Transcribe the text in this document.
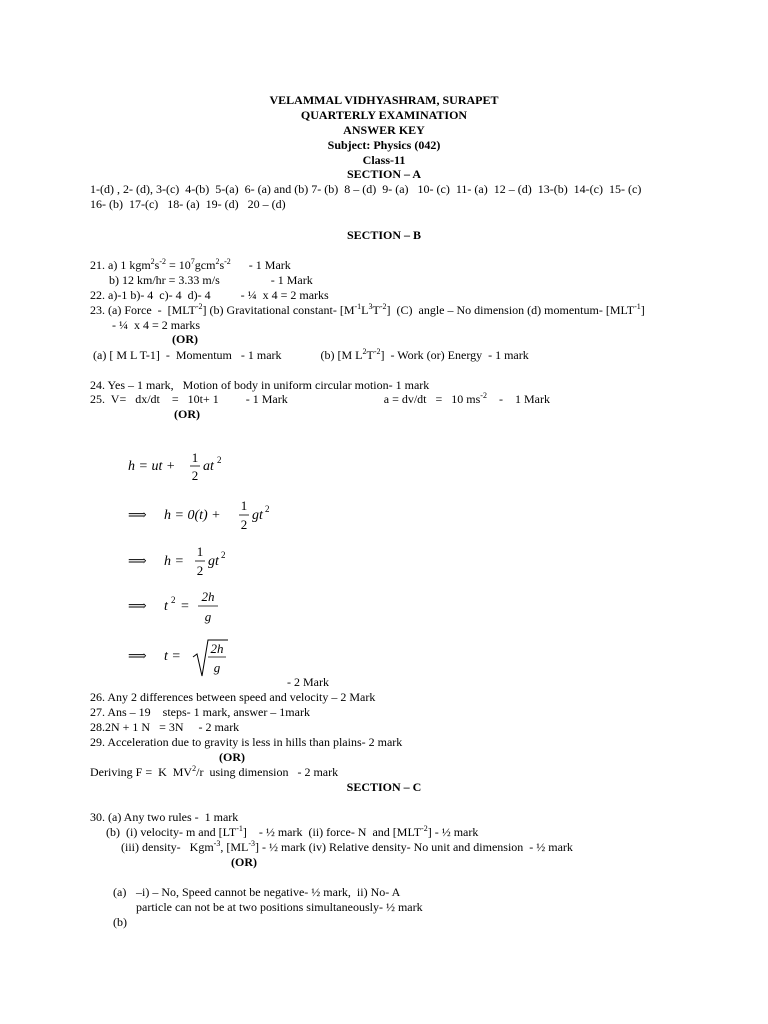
VELAMMAL VIDHYASHRAM, SURAPET
QUARTERLY EXAMINATION
ANSWER KEY
Subject: Physics (042)
Class-11
SECTION – A
1-(d) , 2- (d), 3-(c)  4-(b)  5-(a)  6- (a) and (b) 7- (b)  8 – (d)  9- (a)   10- (c)  11- (a)  12 – (d)  13-(b)  14-(c)  15- (c)
16- (b)  17-(c)   18- (a)  19- (d)   20 – (d)
SECTION – B
21. a) 1 $kgm^2s^{-2} = 10^7gcm^2s^{-2}$      - 1 Mark
b) 12 km/hr = 3.33 m/s                 - 1 Mark
22. a)-1 b)- 4  c)- 4  d)- 4          - ¼  x 4 = 2 marks
23. (a) Force  -  $[MLT^{-2}]$ (b) Gravitational constant- $[M^{-1}L^3T^{-2}]$  (C)  angle – No dimension (d) momentum- $[MLT^{-1}]$
- ¼  x 4 = 2 marks
(OR)
(a) [ M L T-1]  -  Momentum   - 1 mark             (b) [M $L^2T^{-2}$]  - Work (or) Energy  - 1 mark
24. Yes – 1 mark,   Motion of body in uniform circular motion- 1 mark
25.  V=   dx/dt    =   10t+ 1         - 1 Mark                                a = dv/dt   =   10 $ms^{-2}$    -    1 Mark
(OR)
h = ut +
1
2
at 2
⟹ h = 0(t) +
1
2
gt 2
⟹ h =
1
2
gt 2
⟹ t 2 =
2h
g
⟹ t =
2h
g
- 2 Mark
26. Any 2 differences between speed and velocity – 2 Mark
27. Ans – 19    steps- 1 mark, answer – 1mark
28.2N + 1 N   = 3N     - 2 mark
29. Acceleration due to gravity is less in hills than plains- 2 mark
(OR)
Deriving F =  K  $MV^2/r$  using dimension   - 2 mark
SECTION – C
30. (a) Any two rules -  1 mark
(b)  (i) velocity- m and $[LT^{-1}]$    - ½ mark  (ii) force- N  and $[MLT^{-2}]$ - ½ mark
(iii) density-   Kgm$^{-3}$, $[ML^{-3}]$ - ½ mark (iv) Relative density- No unit and dimension  - ½ mark
(OR)
(a) –i) – No, Speed cannot be negative- ½ mark,  ii) No- A
particle can not be at two positions simultaneously- ½ mark
(b)
